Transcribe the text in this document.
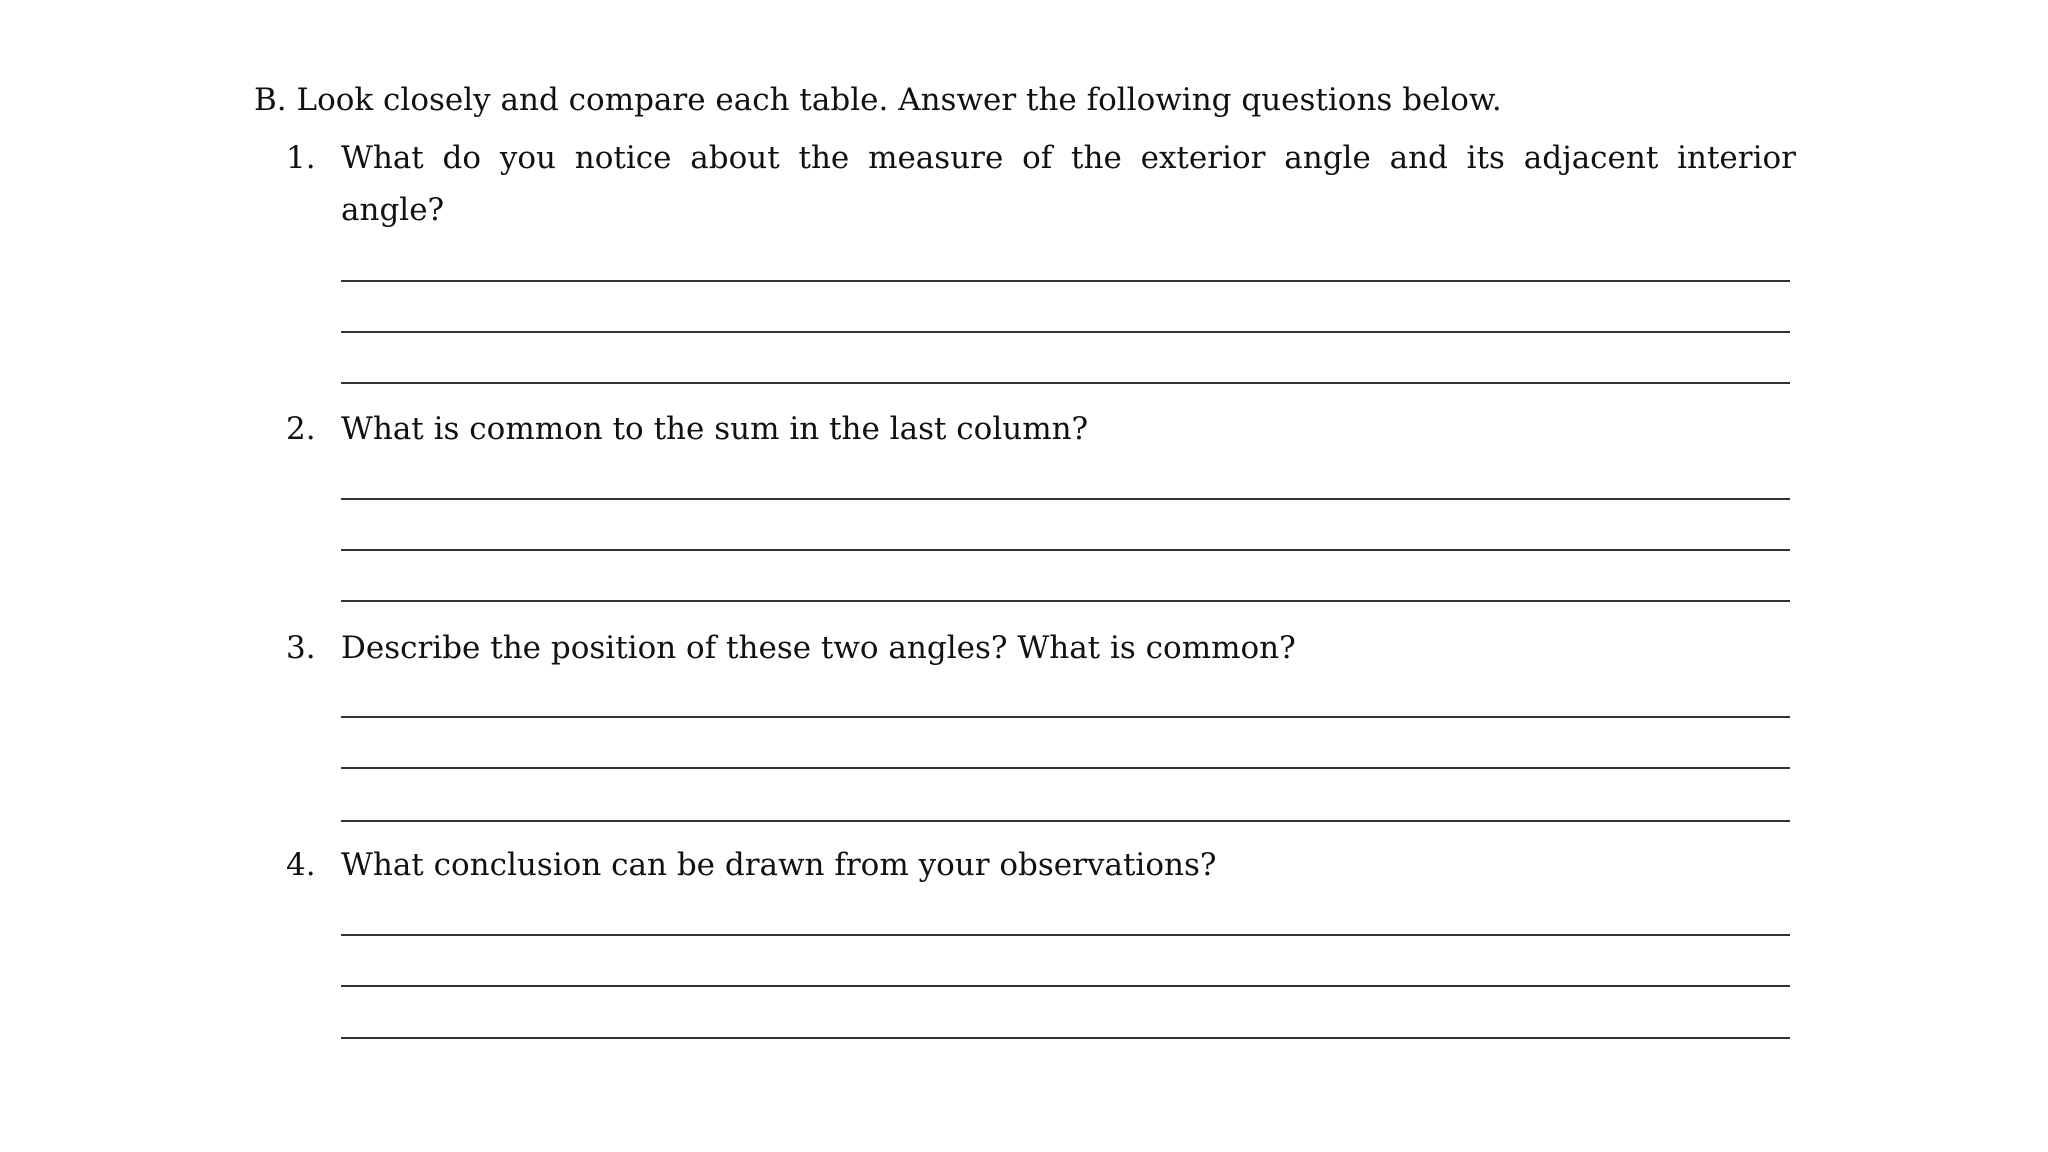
B. Look closely and compare each table. Answer the following questions below.
1. What do you notice about the measure of the exterior angle and its adjacent interior
angle?
2. What is common to the sum in the last column?
3. Describe the position of these two angles? What is common?
4. What conclusion can be drawn from your observations?
